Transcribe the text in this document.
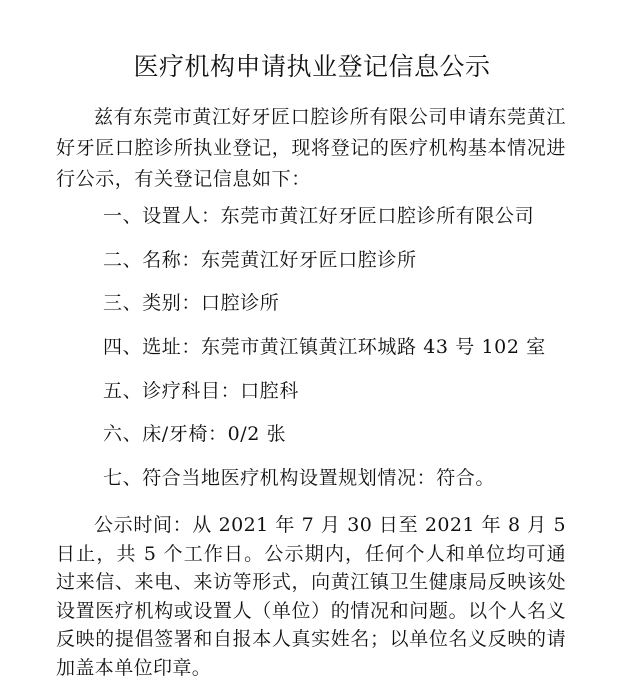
医疗机构申请执业登记信息公示

兹有东莞市黄江好牙匠口腔诊所有限公司申请东莞黄江好牙匠口腔诊所执业登记，现将登记的医疗机构基本情况进行公示，有关登记信息如下：

一、设置人：东莞市黄江好牙匠口腔诊所有限公司
二、名称：东莞黄江好牙匠口腔诊所
三、类别：口腔诊所
四、选址：东莞市黄江镇黄江环城路 43 号 102 室
五、诊疗科目：口腔科
六、床/牙椅：0/2 张
七、符合当地医疗机构设置规划情况：符合。

公示时间：从 2021 年 7 月 30 日至 2021 年 8 月 5 日止，共 5 个工作日。公示期内，任何个人和单位均可通过来信、来电、来访等形式，向黄江镇卫生健康局反映该处设置医疗机构或设置人（单位）的情况和问题。以个人名义反映的提倡签署和自报本人真实姓名；以单位名义反映的请加盖本单位印章。
